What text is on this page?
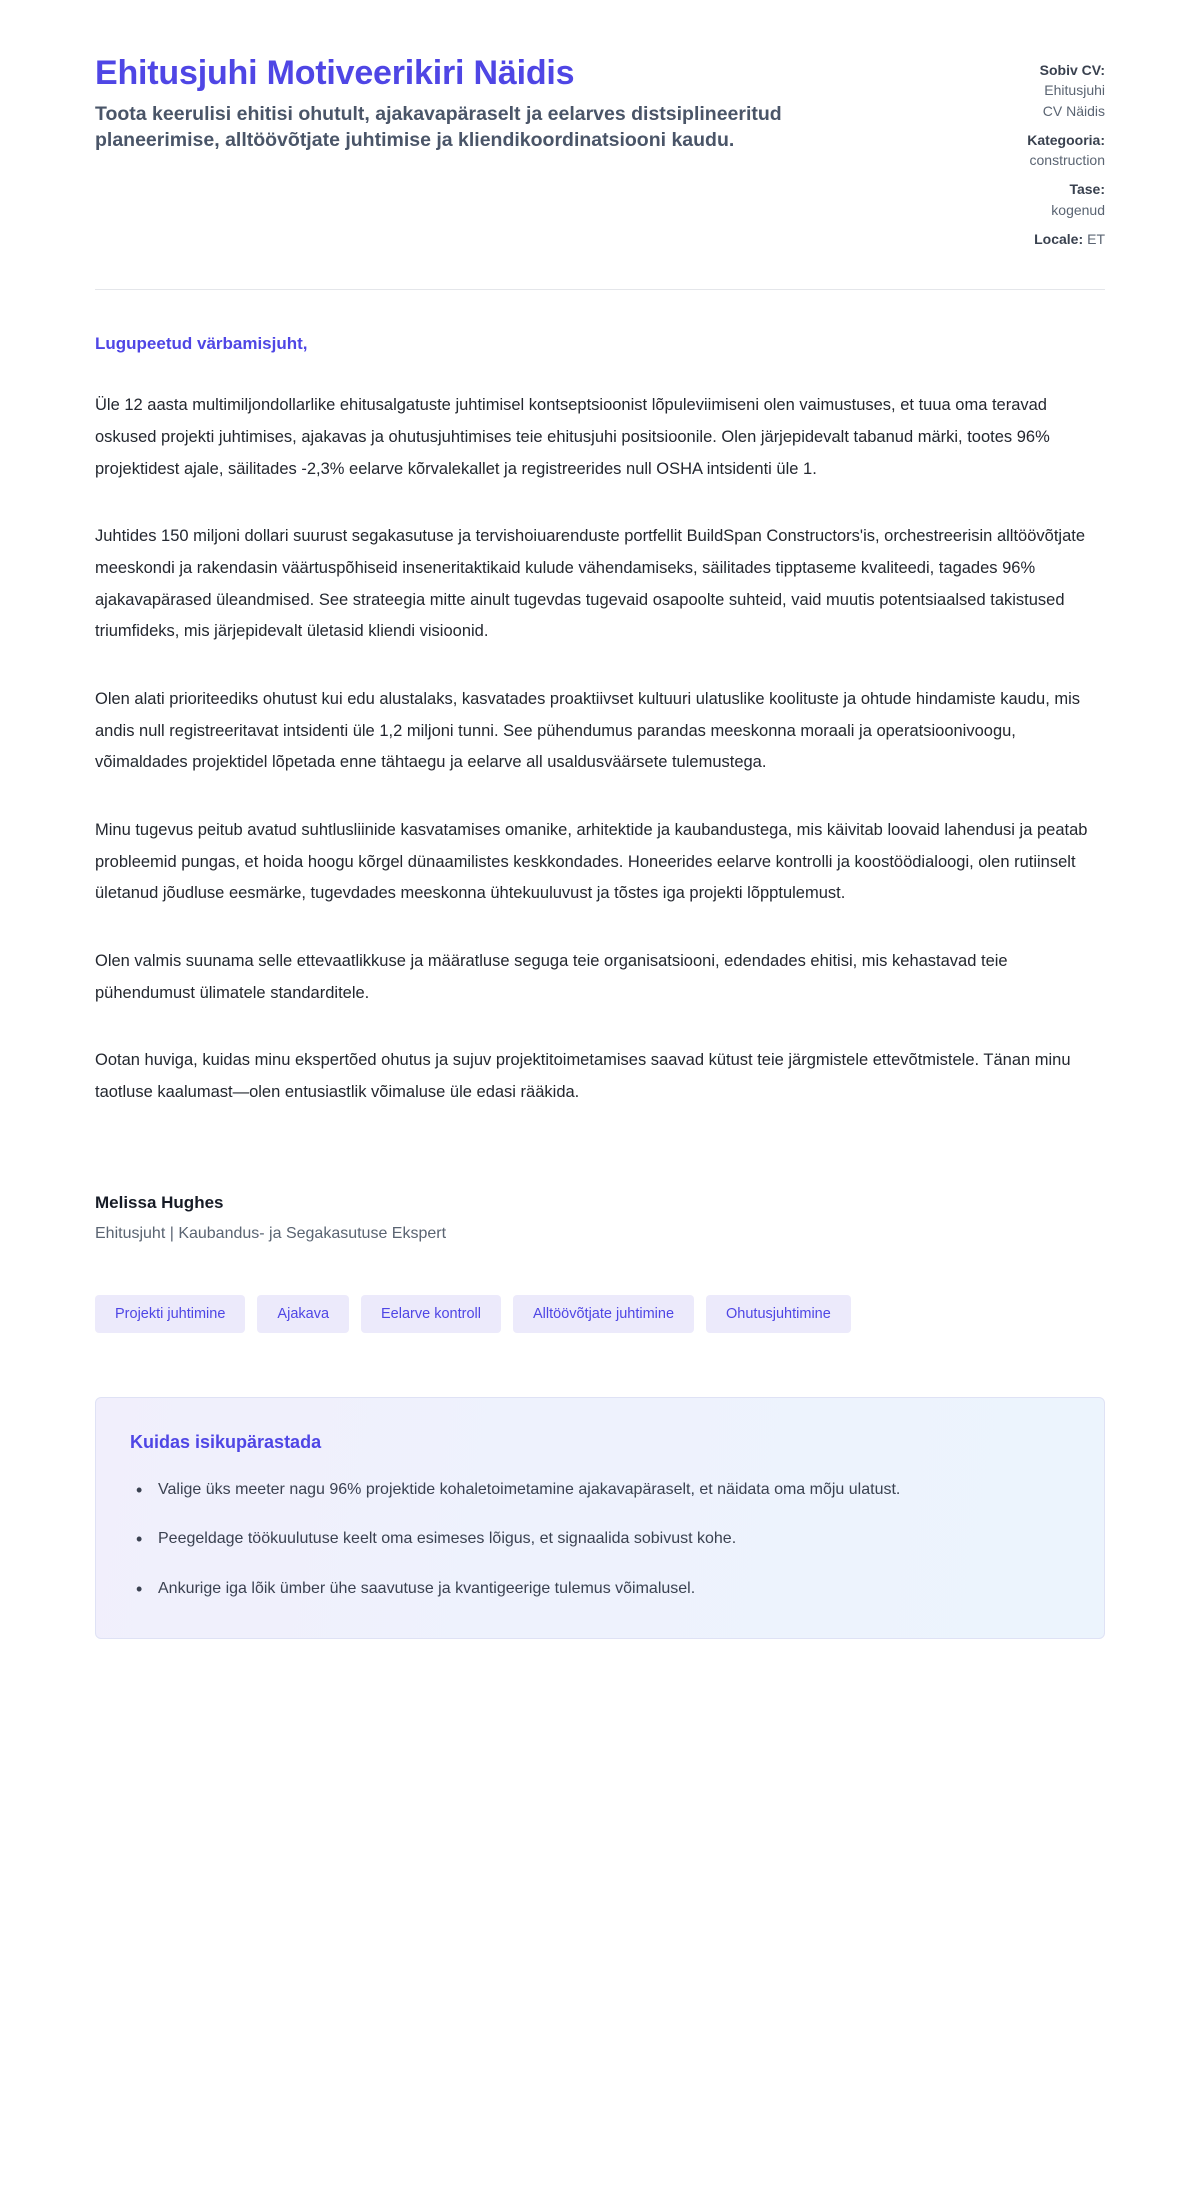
Ehitusjuhi Motiveerikiri Näidis

Toota keerulisi ehitisi ohutult, ajakavapäraselt ja eelarves distsiplineeritud planeerimise, alltöövõtjate juhtimise ja kliendikoordinatsiooni kaudu.

Sobiv CV:
Ehitusjuhi
CV Näidis
Kategooria:
construction
Tase:
kogenud
Locale: ET

Lugupeetud värbamisjuht,

Üle 12 aasta multimiljondollarlike ehitusalgatuste juhtimisel kontseptsioonist lõpuleviimiseni olen vaimustuses, et tuua oma teravad oskused projekti juhtimises, ajakavas ja ohutusjuhtimises teie ehitusjuhi positsioonile. Olen järjepidevalt tabanud märki, tootes 96% projektidest ajale, säilitades -2,3% eelarve kõrvalekallet ja registreerides null OSHA intsidenti üle 1.

Juhtides 150 miljoni dollari suurust segakasutuse ja tervishoiuarenduste portfellit BuildSpan Constructors'is, orchestreerisin alltöövõtjate meeskondi ja rakendasin väärtuspõhiseid inseneritaktikaid kulude vähendamiseks, säilitades tipptaseme kvaliteedi, tagades 96% ajakavapärased üleandmised. See strateegia mitte ainult tugevdas tugevaid osapoolte suhteid, vaid muutis potentsiaalsed takistused triumfideks, mis järjepidevalt ületasid kliendi visioonid.

Olen alati prioriteediks ohutust kui edu alustalaks, kasvatades proaktiivset kultuuri ulatuslike koolituste ja ohtude hindamiste kaudu, mis andis null registreeritavat intsidenti üle 1,2 miljoni tunni. See pühendumus parandas meeskonna moraali ja operatsioonivoogu, võimaldades projektidel lõpetada enne tähtaegu ja eelarve all usaldusväärsete tulemustega.

Minu tugevus peitub avatud suhtlusliinide kasvatamises omanike, arhitektide ja kaubandustega, mis käivitab loovaid lahendusi ja peatab probleemid pungas, et hoida hoogu kõrgel dünaamilistes keskkondades. Honeerides eelarve kontrolli ja koostöödialoogi, olen rutiinselt ületanud jõudluse eesmärke, tugevdades meeskonna ühtekuuluvust ja tõstes iga projekti lõpptulemust.

Olen valmis suunama selle ettevaatlikkuse ja määratluse seguga teie organisatsiooni, edendades ehitisi, mis kehastavad teie pühendumust ülimatele standarditele.

Ootan huviga, kuidas minu ekspertõed ohutus ja sujuv projektitoimetamises saavad kütust teie järgmistele ettevõtmistele. Tänan minu taotluse kaalumast—olen entusiastlik võimaluse üle edasi rääkida.

Melissa Hughes
Ehitusjuht | Kaubandus- ja Segakasutuse Ekspert
Projekti juhtimine	Ajakava	Eelarve kontroll	Alltöövõtjate juhtimine	Ohutusjuhtimine
Kuidas isikupärastada
• Valige üks meeter nagu 96% projektide kohaletoimetamine ajakavapäraselt, et näidata oma mõju ulatust.
• Peegeldage töökuulutuse keelt oma esimeses lõigus, et signaalida sobivust kohe.
• Ankurige iga lõik ümber ühe saavutuse ja kvantigeerige tulemus võimalusel.
